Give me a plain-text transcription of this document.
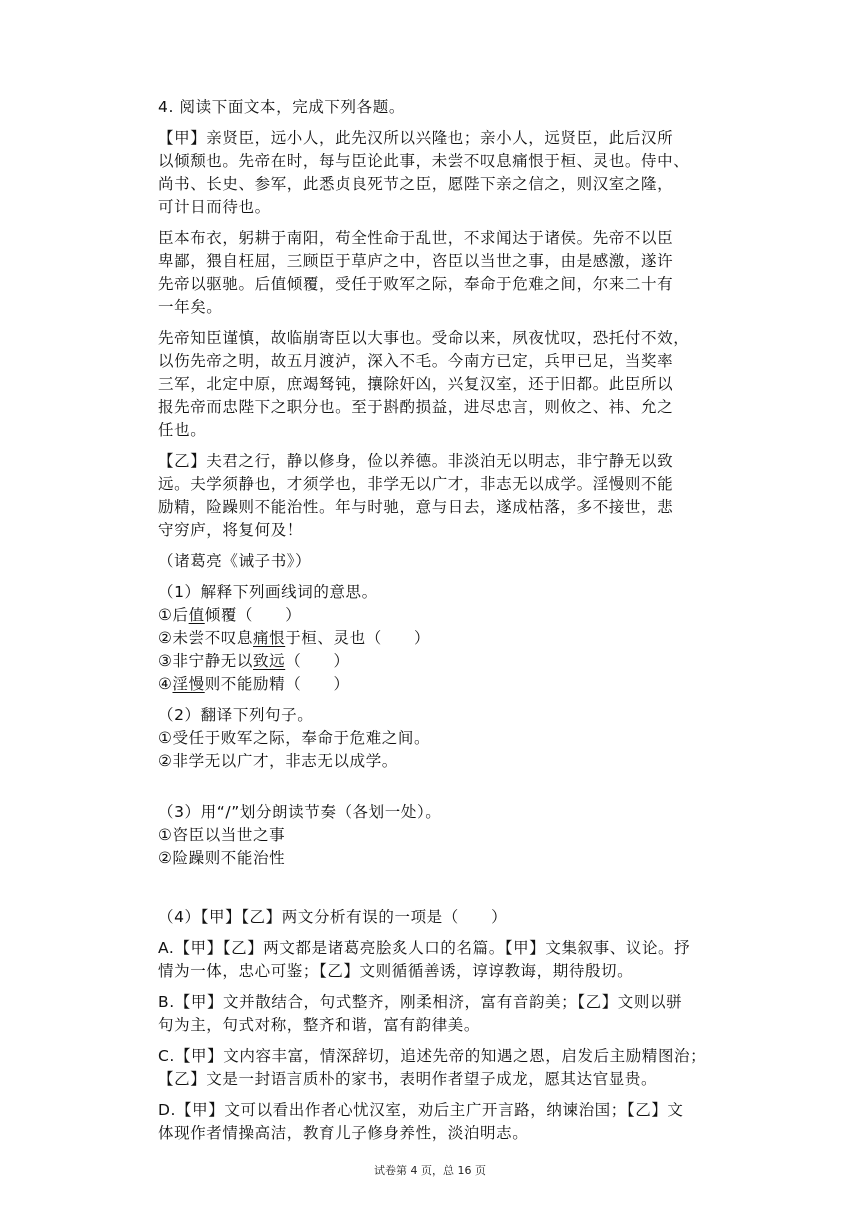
4. 阅读下面文本，完成下列各题。
【甲】亲贤臣，远小人，此先汉所以兴隆也；亲小人，远贤臣，此后汉所
以倾颓也。先帝在时，每与臣论此事，未尝不叹息痛恨于桓、灵也。侍中、
尚书、长史、参军，此悉贞良死节之臣，愿陛下亲之信之，则汉室之隆，
可计日而待也。
臣本布衣，躬耕于南阳，苟全性命于乱世，不求闻达于诸侯。先帝不以臣
卑鄙，猥自枉屈，三顾臣于草庐之中，咨臣以当世之事，由是感激，遂许
先帝以驱驰。后值倾覆，受任于败军之际，奉命于危难之间，尔来二十有
一年矣。
先帝知臣谨慎，故临崩寄臣以大事也。受命以来，夙夜忧叹，恐托付不效，
以伤先帝之明，故五月渡泸，深入不毛。今南方已定，兵甲已足，当奖率
三军，北定中原，庶竭驽钝，攘除奸凶，兴复汉室，还于旧都。此臣所以
报先帝而忠陛下之职分也。至于斟酌损益，进尽忠言，则攸之、祎、允之
任也。
【乙】夫君之行，静以修身，俭以养德。非淡泊无以明志，非宁静无以致
远。夫学须静也，才须学也，非学无以广才，非志无以成学。淫慢则不能
励精，险躁则不能治性。年与时驰，意与日去，遂成枯落，多不接世，悲
守穷庐，将复何及！
（诸葛亮《诫子书》）
（1）解释下列画线词的意思。
①后值倾覆（　　）
②未尝不叹息痛恨于桓、灵也（　　）
③非宁静无以致远（　　）
④淫慢则不能励精（　　）
（2）翻译下列句子。
①受任于败军之际，奉命于危难之间。
②非学无以广才，非志无以成学。
（3）用“/”划分朗读节奏（各划一处）。
①咨臣以当世之事
②险躁则不能治性
（4）【甲】【乙】两文分析有误的一项是（　　）
A.【甲】【乙】两文都是诸葛亮脍炙人口的名篇。【甲】文集叙事、议论。抒
情为一体，忠心可鉴；【乙】文则循循善诱，谆谆教诲，期待殷切。
B.【甲】文并散结合，句式整齐，刚柔相济，富有音韵美；【乙】文则以骈
句为主，句式对称，整齐和谐，富有韵律美。
C.【甲】文内容丰富，情深辞切，追述先帝的知遇之恩，启发后主励精图治；
【乙】文是一封语言质朴的家书，表明作者望子成龙，愿其达官显贵。
D.【甲】文可以看出作者心忧汉室，劝后主广开言路，纳谏治国；【乙】文
体现作者情操高洁，教育儿子修身养性，淡泊明志。
试卷第 4 页，总 16 页
